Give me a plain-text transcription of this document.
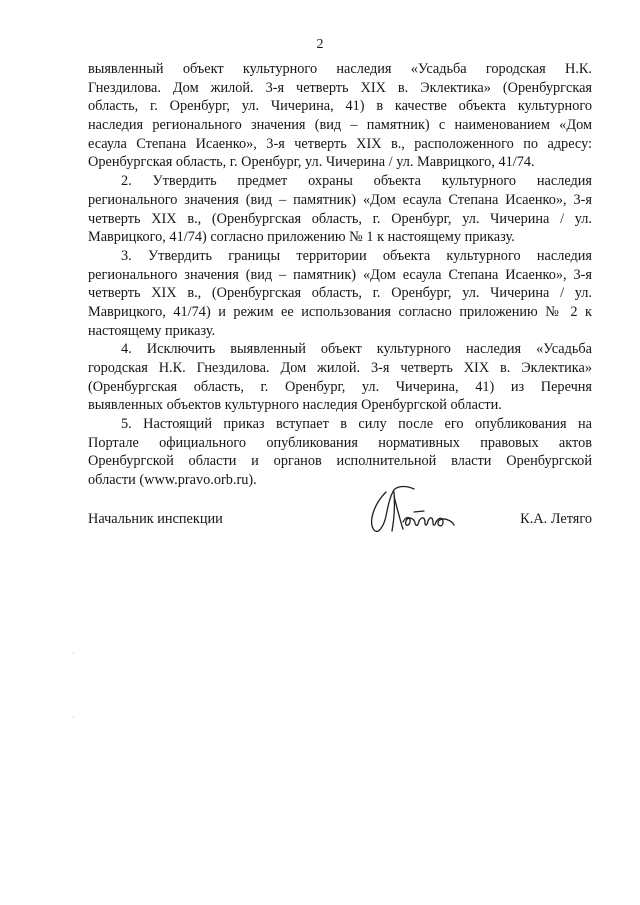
2
выявленный объект культурного наследия «Усадьба городская Н.К.
Гнездилова. Дом жилой. 3-я четверть XIX в. Эклектика» (Оренбургская
область, г. Оренбург, ул. Чичерина, 41) в качестве объекта культурного
наследия регионального значения (вид – памятник) с наименованием «Дом
есаула Степана Исаенко», 3-я четверть XIX в., расположенного по адресу:
Оренбургская область, г. Оренбург, ул. Чичерина / ул. Маврицкого, 41/74.
2. Утвердить предмет охраны объекта культурного наследия
регионального значения (вид – памятник) «Дом есаула Степана Исаенко», 3-я
четверть XIX в., (Оренбургская область, г. Оренбург, ул. Чичерина / ул.
Маврицкого, 41/74) согласно приложению № 1 к настоящему приказу.
3. Утвердить границы территории объекта культурного наследия
регионального значения (вид – памятник) «Дом есаула Степана Исаенко», 3-я
четверть XIX в., (Оренбургская область, г. Оренбург, ул. Чичерина / ул.
Маврицкого, 41/74) и режим ее использования согласно приложению № 2 к
настоящему приказу.
4. Исключить выявленный объект культурного наследия «Усадьба
городская Н.К. Гнездилова. Дом жилой. 3-я четверть XIX в. Эклектика»
(Оренбургская область, г. Оренбург, ул. Чичерина, 41) из Перечня
выявленных объектов культурного наследия Оренбургской области.
5. Настоящий приказ вступает в силу после его опубликования на
Портале официального опубликования нормативных правовых актов
Оренбургской области и органов исполнительной власти Оренбургской
области (www.pravo.orb.ru).
Начальник инспекции	К.А. Летяго
